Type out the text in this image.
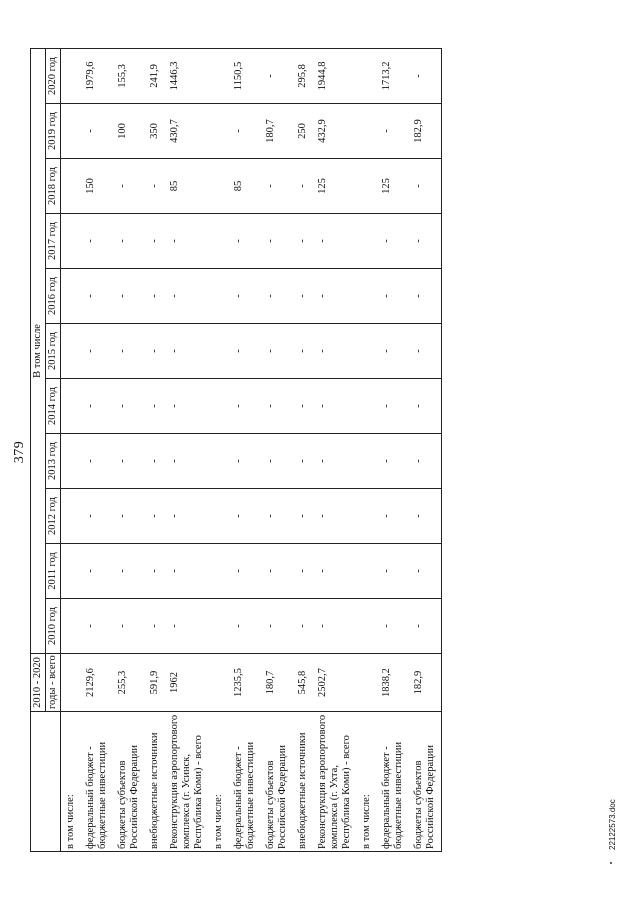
379
	2010 - 2020	В том числе										
	годы - всего	2010 год	2011 год	2012 год	2013 год	2014 год	2015 год	2016 год	2017 год	2018 год	2019 год	2020 год
в том числе:												
федеральный бюджет - бюджетные инвестиции	2129,6	-	-	-	-	-	-	-	-	150	-	1979,6
бюджеты субъектов Российской Федерации	255,3	-	-	-	-	-	-	-	-	-	100	155,3
внебюджетные источники	591,9	-	-	-	-	-	-	-	-	-	350	241,9
Реконструкция аэропортового комплекса (г. Усинск, Республика Коми) - всего	1962	-	-	-	-	-	-	-	-	85	430,7	1446,3
в том числе:												
федеральный бюджет - бюджетные инвестиции	1235,5	-	-	-	-	-	-	-	-	85	-	1150,5
бюджеты субъектов Российской Федерации	180,7	-	-	-	-	-	-	-	-	-	180,7	-
внебюджетные источники	545,8	-	-	-	-	-	-	-	-	-	250	295,8
Реконструкция аэропортового комплекса (г. Ухта, Республика Коми) - всего	2502,7	-	-	-	-	-	-	-	-	125	432,9	1944,8
в том числе:												
федеральный бюджет - бюджетные инвестиции	1838,2	-	-	-	-	-	-	-	-	125	-	1713,2
бюджеты субъектов Российской Федерации	182,9	-	-	-	-	-	-	-	-	-	182,9	-
22122573.doc
